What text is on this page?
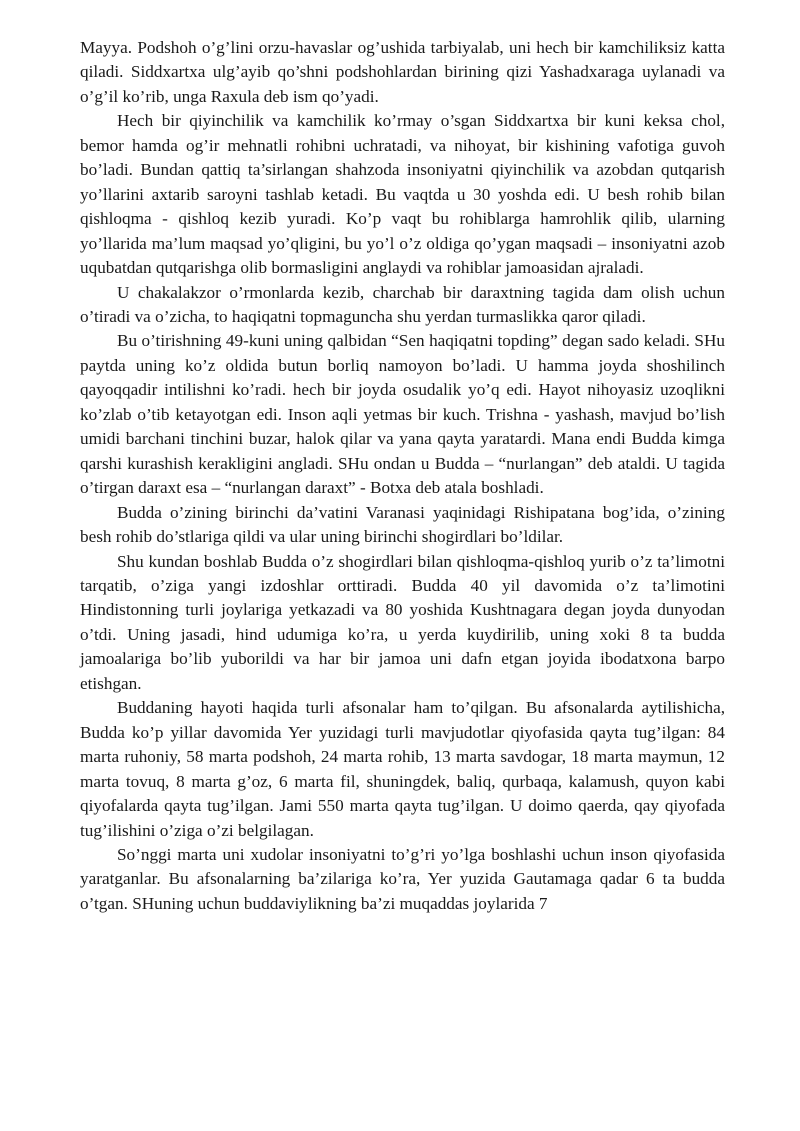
Mayya. Podshoh o’g’lini orzu-havaslar og’ushida tarbiyalab, uni hech bir kamchiliksiz katta qiladi. Siddxartxa ulg’ayib qo’shni podshohlardan birining qizi Yashadxaraga uylanadi va o’g’il ko’rib, unga Raxula deb ism qo’yadi.

Hech bir qiyinchilik va kamchilik ko’rmay o’sgan Siddxartxa bir kuni keksa chol, bemor hamda og’ir mehnatli rohibni uchratadi, va nihoyat, bir kishining vafotiga guvoh bo’ladi. Bundan qattiq ta’sirlangan shahzoda insoniyatni qiyinchilik va azobdan qutqarish yo’llarini axtarib saroyni tashlab ketadi. Bu vaqtda u 30 yoshda edi. U besh rohib bilan qishloqma - qishloq kezib yuradi. Ko’p vaqt bu rohiblarga hamrohlik qilib, ularning yo’llarida ma’lum maqsad yo’qligini, bu yo’l o’z oldiga qo’ygan maqsadi – insoniyatni azob uqubatdan qutqarishga olib bormasligini anglaydi va rohiblar jamoasidan ajraladi.

U chakalakzor o’rmonlarda kezib, charchab bir daraxtning tagida dam olish uchun o’tiradi va o’zicha, to haqiqatni topmaguncha shu yerdan turmaslikka qaror qiladi.

Bu o’tirishning 49-kuni uning qalbidan “Sen haqiqatni topding” degan sado keladi. SHu paytda uning ko’z oldida butun borliq namoyon bo’ladi. U hamma joyda shoshilinch qayoqqadir intilishni ko’radi. hech bir joyda osudalik yo’q edi. Hayot nihoyasiz uzoqlikni ko’zlab o’tib ketayotgan edi. Inson aqli yetmas bir kuch. Trishna - yashash, mavjud bo’lish umidi barchani tinchini buzar, halok qilar va yana qayta yaratardi. Mana endi Budda kimga qarshi kurashish kerakligini angladi. SHu ondan u Budda – “nurlangan” deb ataldi. U tagida o’tirgan daraxt esa – “nurlangan daraxt” - Botxa deb atala boshladi.

Budda o’zining birinchi da’vatini Varanasi yaqinidagi Rishipatana bog’ida, o’zining besh rohib do’stlariga qildi va ular uning birinchi shogirdlari bo’ldilar.

Shu kundan boshlab Budda o’z shogirdlari bilan qishloqma-qishloq yurib o’z ta’limotni tarqatib, o’ziga yangi izdoshlar orttiradi. Budda 40 yil davomida o’z ta’limotini Hindistonning turli joylariga yetkazadi va 80 yoshida Kushtnagara degan joyda dunyodan o’tdi. Uning jasadi, hind udumiga ko’ra, u yerda kuydirilib, uning xoki 8 ta budda jamoalariga bo’lib yuborildi va har bir jamoa uni dafn etgan joyida ibodatxona barpo etishgan.

Buddaning hayoti haqida turli afsonalar ham to’qilgan. Bu afsonalarda aytilishicha, Budda ko’p yillar davomida Yer yuzidagi turli mavjudotlar qiyofasida qayta tug’ilgan: 84 marta ruhoniy, 58 marta podshoh, 24 marta rohib, 13 marta savdogar, 18 marta maymun, 12 marta tovuq, 8 marta g’oz, 6 marta fil, shuningdek, baliq, qurbaqa, kalamush, quyon kabi qiyofalarda qayta tug’ilgan. Jami 550 marta qayta tug’ilgan. U doimo qaerda, qay qiyofada tug’ilishini o’ziga o’zi belgilagan.

So’nggi marta uni xudolar insoniyatni to’g’ri yo’lga boshlashi uchun inson qiyofasida yaratganlar. Bu afsonalarning ba’zilariga ko’ra, Yer yuzida Gautamaga qadar 6 ta budda o’tgan. SHuning uchun buddaviylikning ba’zi muqaddas joylarida 7
